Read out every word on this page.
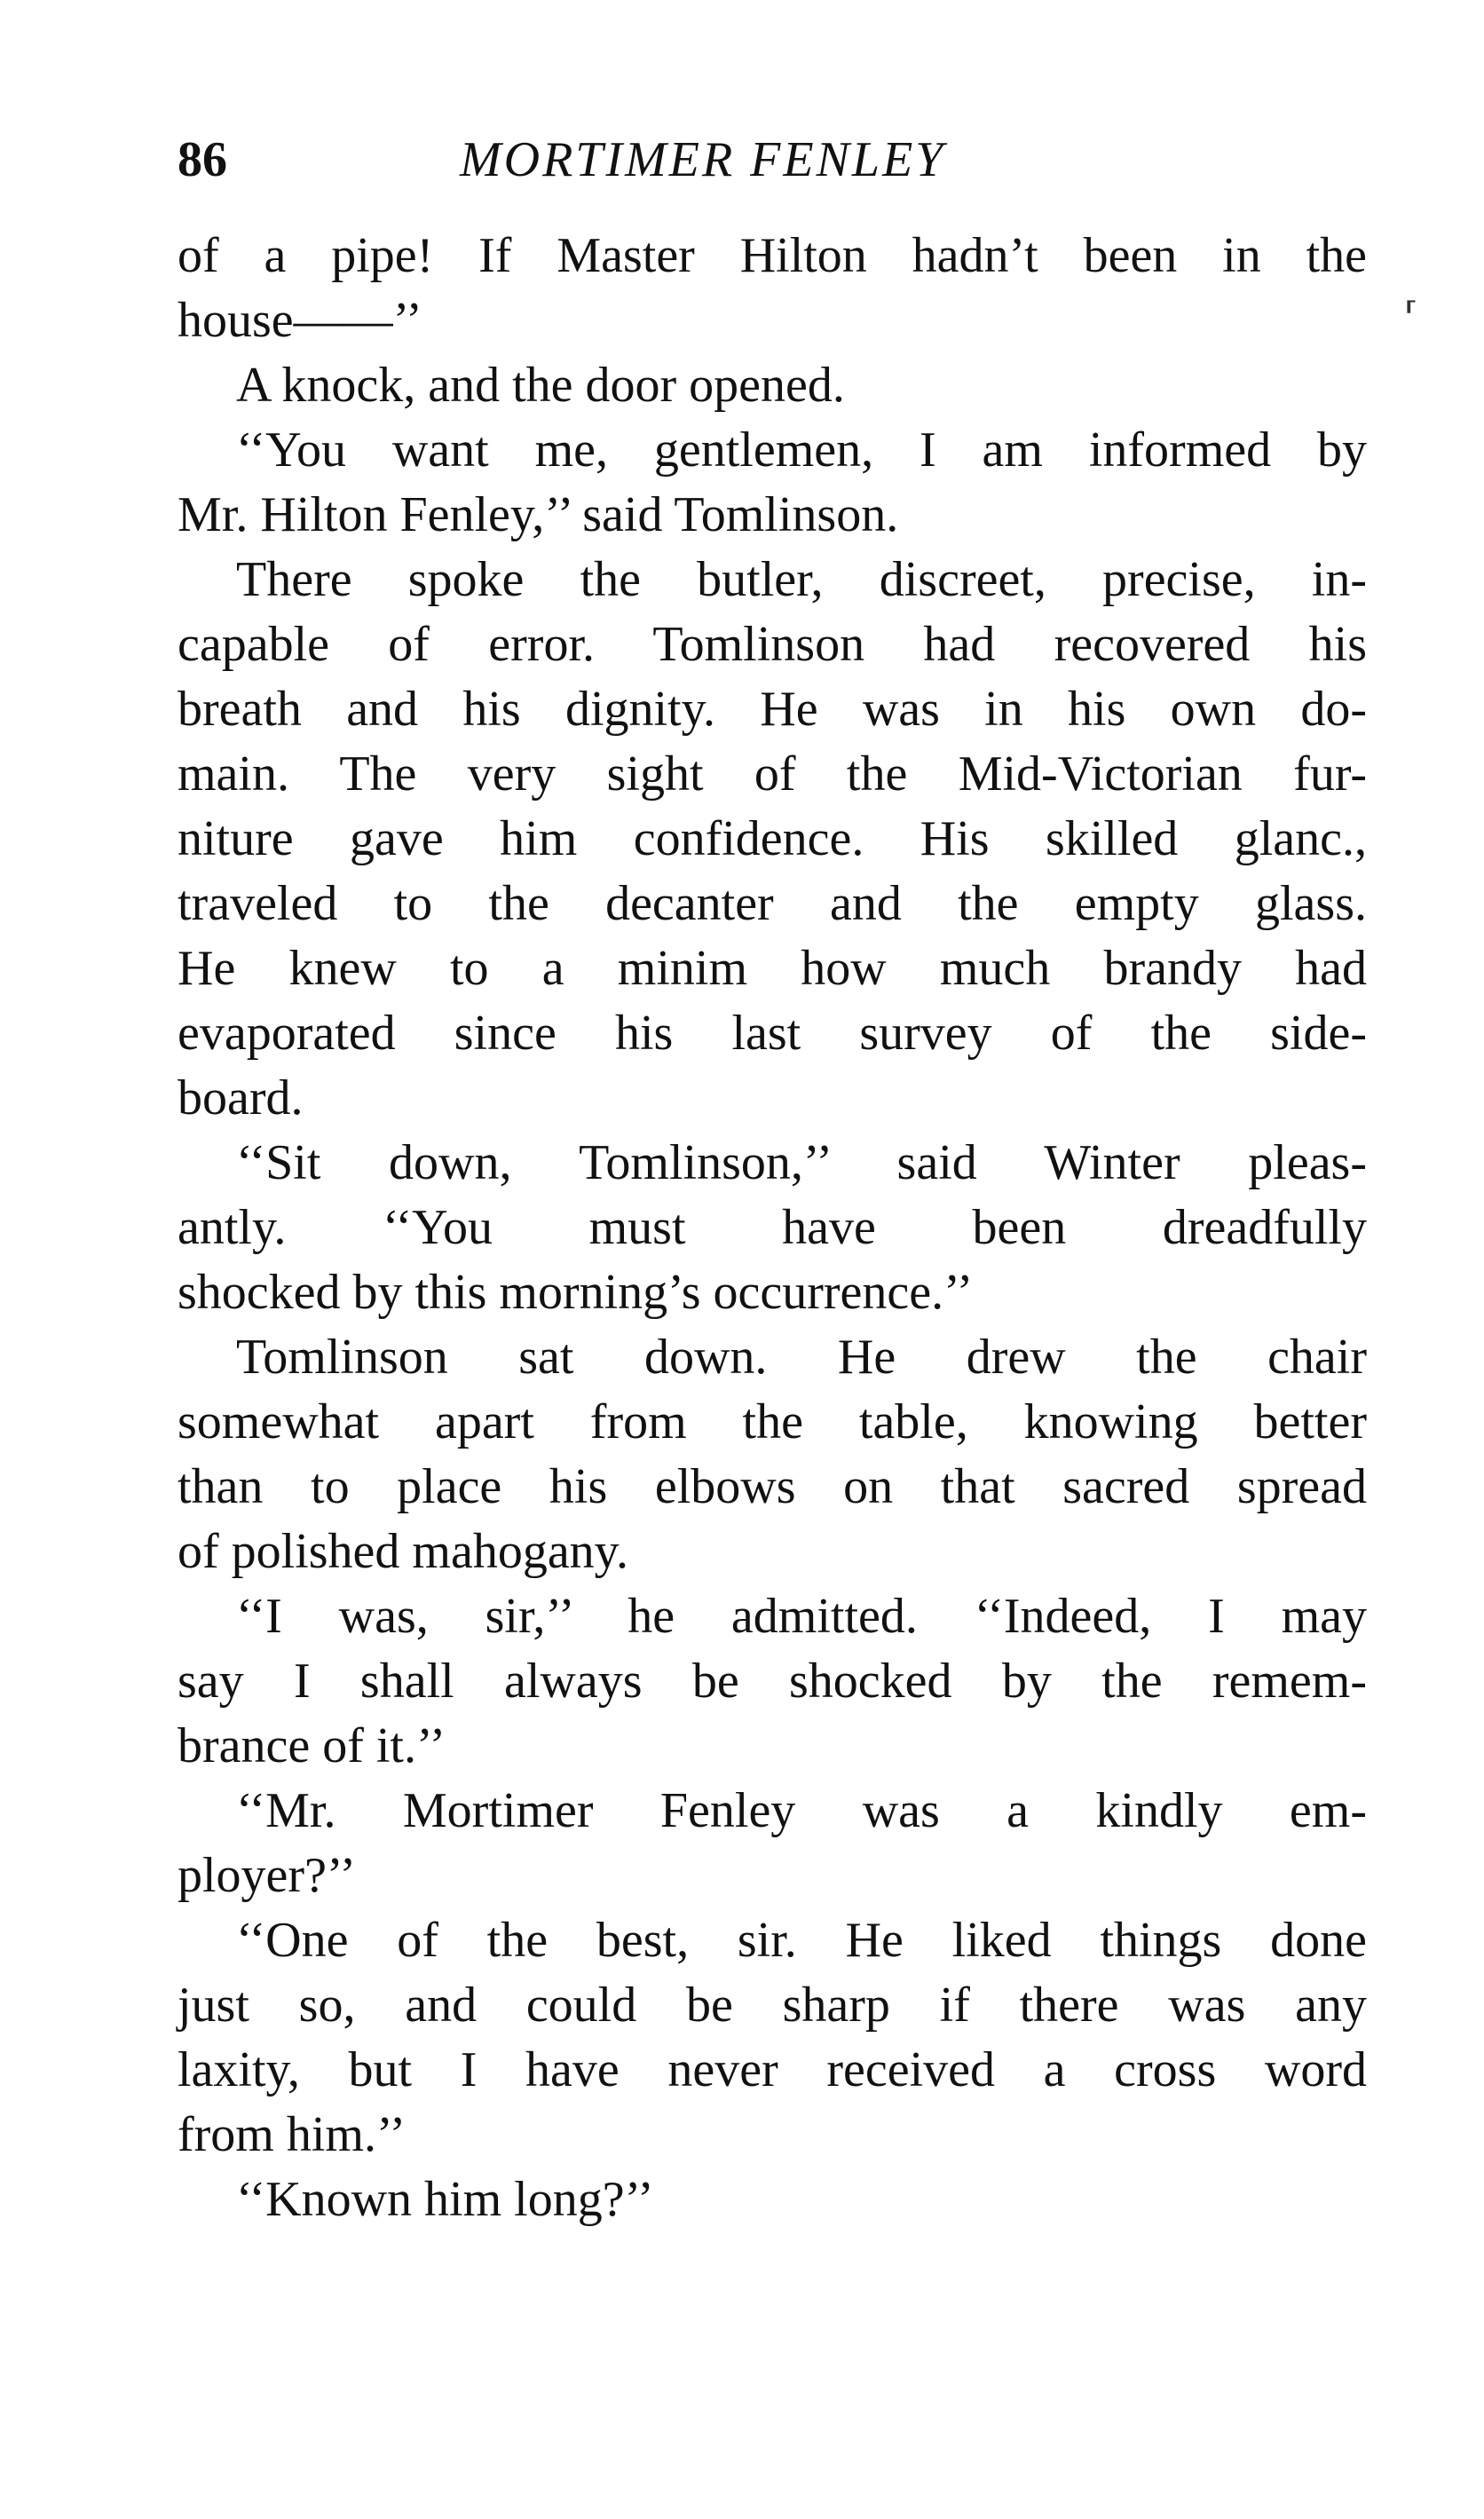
86	MORTIMER FENLEY
⸢
of a pipe! If Master Hilton hadn’t been in the
house——’’
A knock, and the door opened.
‘‘You want me, gentlemen, I am informed by
Mr. Hilton Fenley,’’ said Tomlinson.
There spoke the butler, discreet, precise, in-
capable of error. Tomlinson had recovered his
breath and his dignity. He was in his own do-
main. The very sight of the Mid-Victorian fur-
niture gave him confidence. His skilled glanc.,
traveled to the decanter and the empty glass.
He knew to a minim how much brandy had
evaporated since his last survey of the side-
board.
‘‘Sit down, Tomlinson,’’ said Winter pleas-
antly. ‘‘You must have been dreadfully
shocked by this morning’s occurrence.’’
Tomlinson sat down. He drew the chair
somewhat apart from the table, knowing better
than to place his elbows on that sacred spread
of polished mahogany.
‘‘I was, sir,’’ he admitted. ‘‘Indeed, I may
say I shall always be shocked by the remem-
brance of it.’’
‘‘Mr. Mortimer Fenley was a kindly em-
ployer?’’
‘‘One of the best, sir. He liked things done
just so, and could be sharp if there was any
laxity, but I have never received a cross word
from him.’’
‘‘Known him long?’’
